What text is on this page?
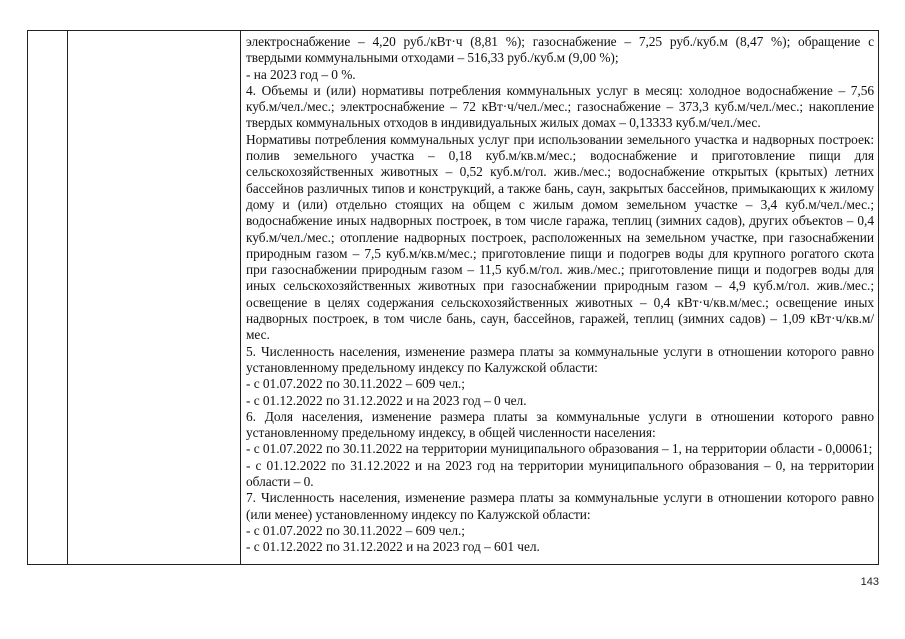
электроснабжение – 4,20 руб./кВт·ч (8,81 %); газоснабжение – 7,25 руб./куб.м (8,47 %); обращение с твердыми коммунальными отходами – 516,33 руб./куб.м (9,00 %);

- на 2023 год – 0 %.

4. Объемы и (или) нормативы потребления коммунальных услуг в месяц: холодное водоснабжение – 7,56 куб.м/чел./мес.; электроснабжение – 72 кВт·ч/чел./мес.; газоснабжение – 373,3 куб.м/чел./мес.; накопление твердых коммунальных отходов в индивидуальных жилых домах – 0,13333 куб.м/чел./мес.

Нормативы потребления коммунальных услуг при использовании земельного участка и надворных построек: полив земельного участка – 0,18 куб.м/кв.м/мес.; водоснабжение и приготовление пищи для сельскохозяйственных животных – 0,52 куб.м/гол. жив./мес.; водоснабжение открытых (крытых) летних бассейнов различных типов и конструкций, а также бань, саун, закрытых бассейнов, примыкающих к жилому дому и (или) отдельно стоящих на общем с жилым домом земельном участке – 3,4 куб.м/чел./мес.; водоснабжение иных надворных построек, в том числе гаража, теплиц (зимних садов), других объектов – 0,4 куб.м/чел./мес.; отопление надворных построек, расположенных на земельном участке, при газоснабжении природным газом – 7,5 куб.м/кв.м/мес.; приготовление пищи и подогрев воды для крупного рогатого скота при газоснабжении природным газом – 11,5 куб.м/гол. жив./мес.; приготовление пищи и подогрев воды для иных сельскохозяйственных животных при газоснабжении природным газом – 4,9 куб.м/гол. жив./мес.; освещение в целях содержания сельскохозяйственных животных – 0,4 кВт·ч/кв.м/мес.; освещение иных надворных построек, в том числе бань, саун, бассейнов, гаражей, теплиц (зимних садов) – 1,09 кВт·ч/кв.м/мес.

5. Численность населения, изменение размера платы за коммунальные услуги в отношении которого равно установленному предельному индексу по Калужской области:

- с 01.07.2022 по 30.11.2022 – 609 чел.;

- с 01.12.2022 по 31.12.2022 и на 2023 год – 0 чел.

6. Доля населения, изменение размера платы за коммунальные услуги в отношении которого равно установленному предельному индексу, в общей численности населения:

- с 01.07.2022 по 30.11.2022 на территории муниципального образования – 1, на территории области - 0,00061;

- с 01.12.2022 по 31.12.2022 и на 2023 год на территории муниципального образования – 0, на территории области – 0.

7. Численность населения, изменение размера платы за коммунальные услуги в отношении которого равно (или менее) установленному индексу по Калужской области:

- с 01.07.2022 по 30.11.2022 – 609 чел.;

- с 01.12.2022 по 31.12.2022 и на 2023 год – 601 чел.

143
